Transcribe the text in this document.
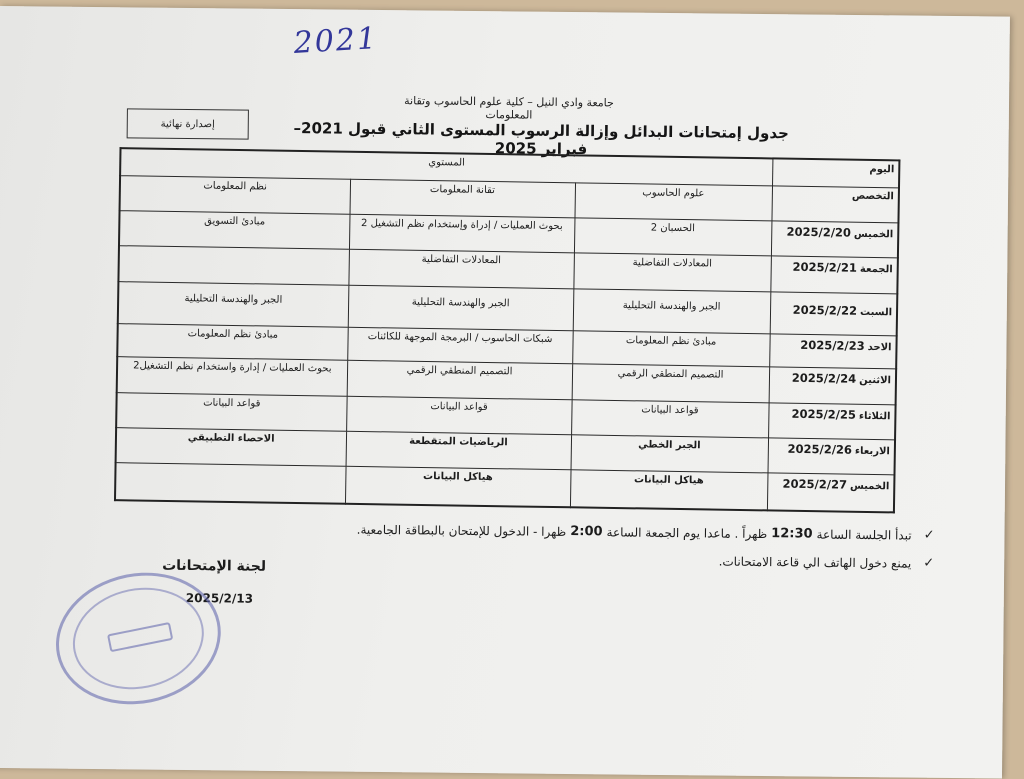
2021
جامعة وادي النيل – كلية علوم الحاسوب وتقانة المعلومات
إصدارة نهائية	جدول إمتحانات البدائل وإزالة الرسوب المستوى الثاني قبول 2021– فبراير 2025
اليوم	المستوي		
التخصص	علوم الحاسوب	تقانة المعلومات	نظم المعلومات
الخميس2025/2/20	الحسبان 2	بحوث العمليات / إدراة وإستخدام نظم التشغيل 2	مبادئ التسويق
الجمعة2025/2/21	المعادلات التفاضلية	المعادلات التفاضلية	
السبت2025/2/22	الجبر والهندسة التحليلية	الجبر والهندسة التحليلية	الجبر والهندسة التحليلية
الاحد2025/2/23	مبادئ نظم المعلومات	شبكات الحاسوب / البرمجة الموجهة للكائنات	مبادئ نظم المعلومات
الاثنين2025/2/24	التصميم المنطقي الرقمي	التصميم المنطقي الرقمي	بحوث العمليات / إدارة واستخدام نظم التشغيل2
الثلاثاء2025/2/25	قواعد البيانات	قواعد البيانات	قواعد البيانات
الاربعاء2025/2/26	الجبر الخطي	الرياضيات المتقطعة	الاحصاء التطبيقي
الخميس2025/2/27	هياكل البيانات	هياكل البيانات	
✓
تبدأ الجلسة الساعة
12:30
ظهراً . ماعدا يوم الجمعة الساعة
2:00
ظهرا - الدخول للإمتحان بالبطاقة الجامعية.
✓
يمنع دخول الهاتف الي قاعة الامتحانات.
لجنة الإمتحانات
2025/2/13
